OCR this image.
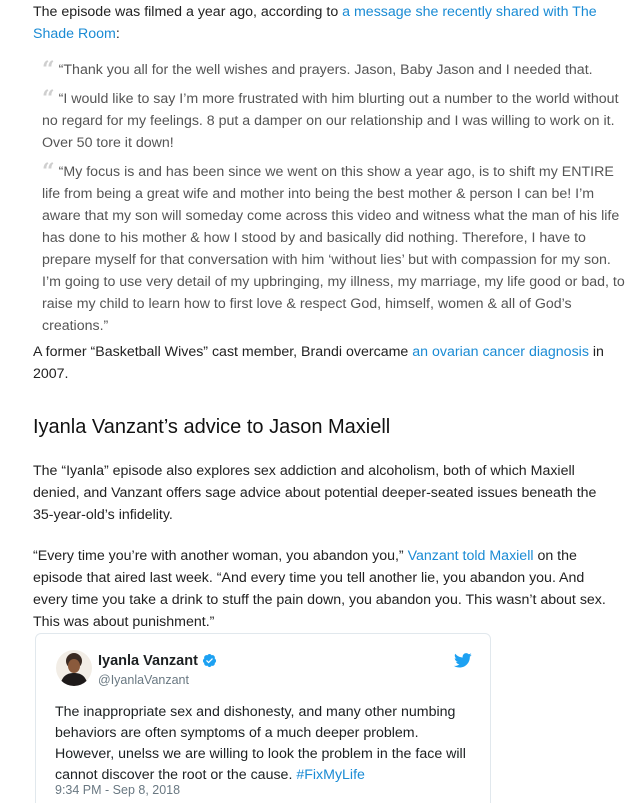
The episode was filmed a year ago, according to a message she recently shared with The Shade Room:

“ “Thank you all for the well wishes and prayers. Jason, Baby Jason and I needed that.
“ “I would like to say I’m more frustrated with him blurting out a number to the world without no regard for my feelings. 8 put a damper on our relationship and I was willing to work on it. Over 50 tore it down!
“ “My focus is and has been since we went on this show a year ago, is to shift my ENTIRE life from being a great wife and mother into being the best mother & person I can be! I’m aware that my son will someday come across this video and witness what the man of his life has done to his mother & how I stood by and basically did nothing. Therefore, I have to prepare myself for that conversation with him ‘without lies’ but with compassion for my son. I’m going to use very detail of my upbringing, my illness, my marriage, my life good or bad, to raise my child to learn how to first love & respect God, himself, women & all of God’s creations.”

A former “Basketball Wives” cast member, Brandi overcame an ovarian cancer diagnosis in 2007.

Iyanla Vanzant’s advice to Jason Maxiell

The “Iyanla” episode also explores sex addiction and alcoholism, both of which Maxiell denied, and Vanzant offers sage advice about potential deeper-seated issues beneath the 35-year-old’s infidelity.

“Every time you’re with another woman, you abandon you,” Vanzant told Maxiell on the episode that aired last week. “And every time you tell another lie, you abandon you. And every time you take a drink to stuff the pain down, you abandon you. This wasn’t about sex. This was about punishment.”

Iyanla Vanzant
@IyanlaVanzant
The inappropriate sex and dishonesty, and many other numbing behaviors are often symptoms of a much deeper problem. However, unelss we are willing to look the problem in the face will cannot discover the root or the cause. #FixMyLife
9:34 PM - Sep 8, 2018
